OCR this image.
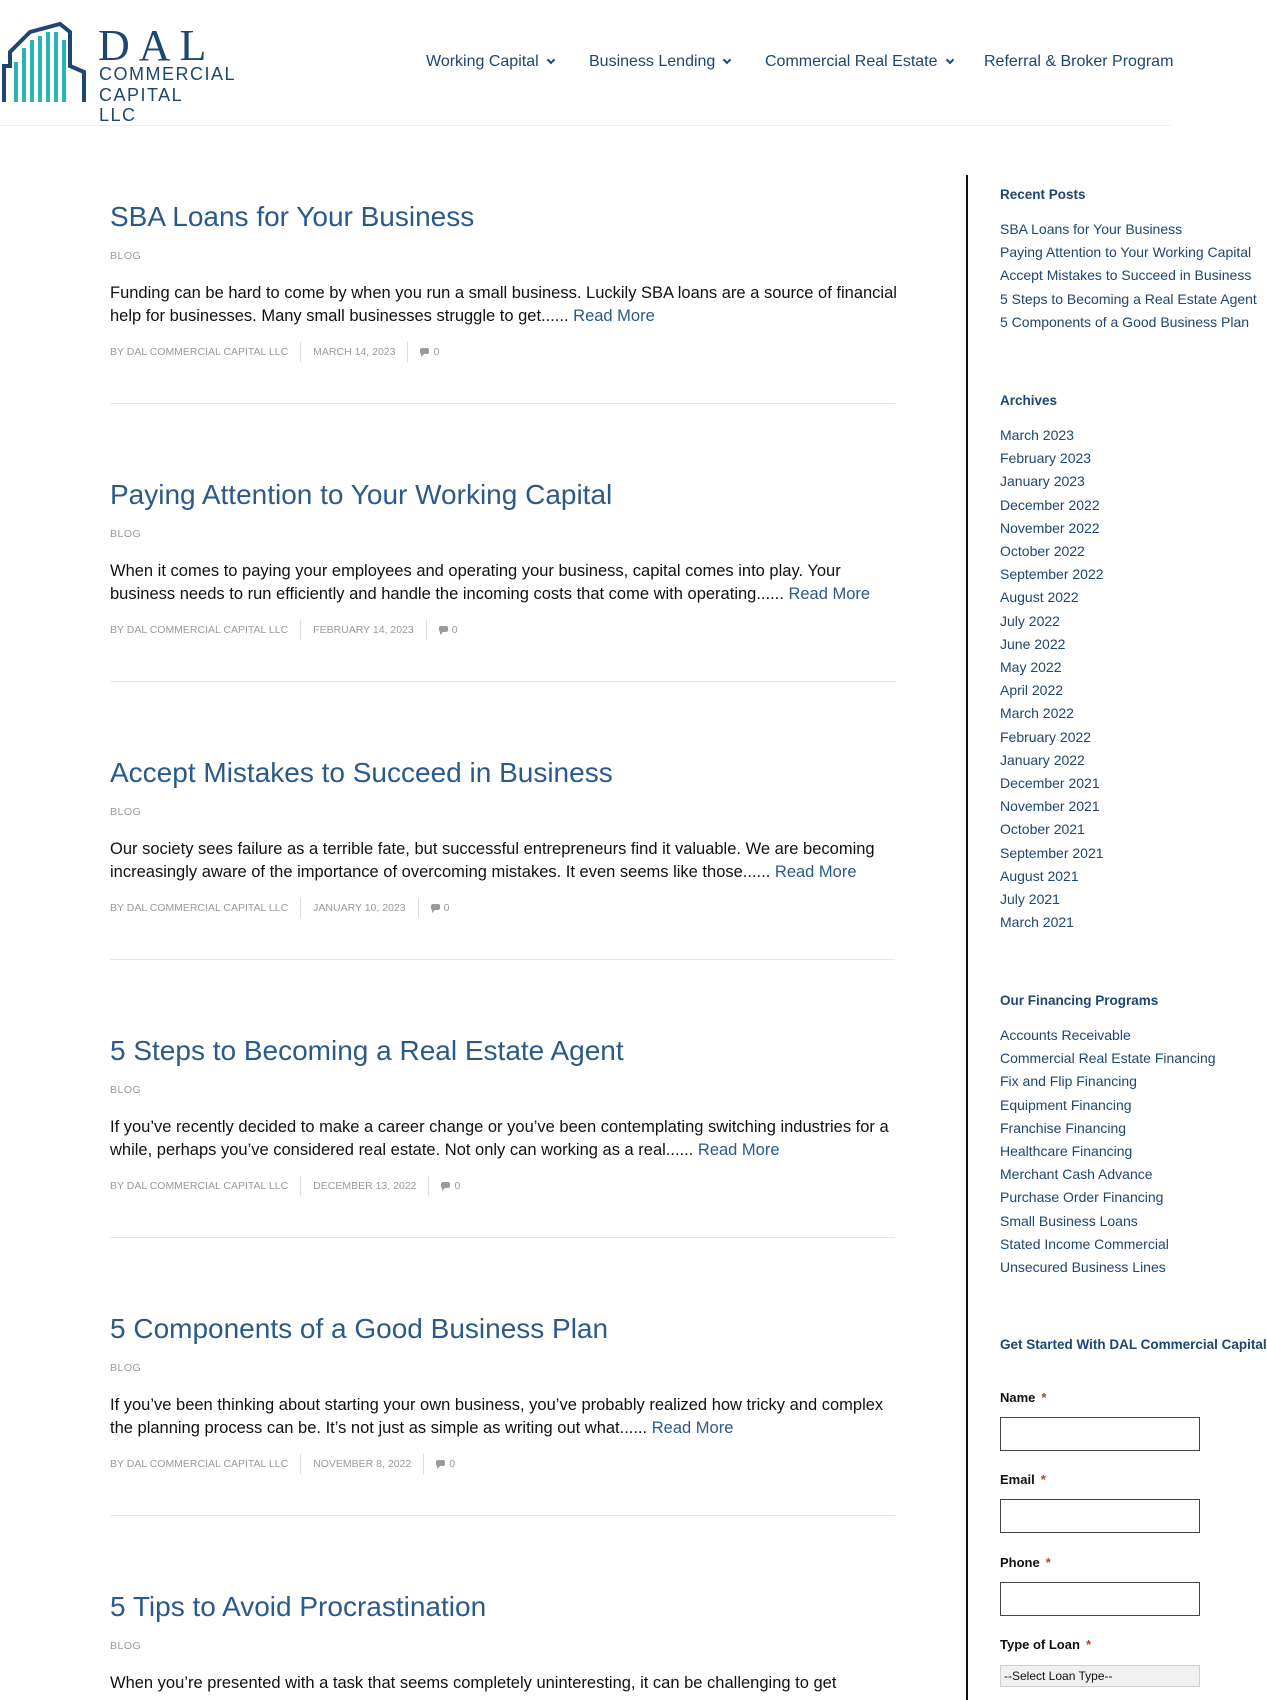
DAL
COMMERCIAL
CAPITAL LLC
Working Capital	Business Lending	Commercial Real Estate	Referral & Broker Program
SBA Loans for Your Business
BLOG
Funding can be hard to come by when you run a small business. Luckily SBA loans are a source of financial help for businesses. Many small businesses struggle to get...... Read More
BY DAL COMMERCIAL CAPITAL LLC MARCH 14, 2023	0
Paying Attention to Your Working Capital
BLOG
When it comes to paying your employees and operating your business, capital comes into play. Your business needs to run efficiently and handle the incoming costs that come with operating...... Read More
BY DAL COMMERCIAL CAPITAL LLC FEBRUARY 14, 2023	0
Accept Mistakes to Succeed in Business
BLOG
Our society sees failure as a terrible fate, but successful entrepreneurs find it valuable. We are becoming increasingly aware of the importance of overcoming mistakes. It even seems like those...... Read More
BY DAL COMMERCIAL CAPITAL LLC JANUARY 10, 2023	0
5 Steps to Becoming a Real Estate Agent
BLOG
If you’ve recently decided to make a career change or you’ve been contemplating switching industries for a while, perhaps you’ve considered real estate. Not only can working as a real...... Read More
BY DAL COMMERCIAL CAPITAL LLC DECEMBER 13, 2022	0
5 Components of a Good Business Plan
BLOG
If you’ve been thinking about starting your own business, you’ve probably realized how tricky and complex the planning process can be. It’s not just as simple as writing out what...... Read More
BY DAL COMMERCIAL CAPITAL LLC NOVEMBER 8, 2022	0
5 Tips to Avoid Procrastination
BLOG
When you’re presented with a task that seems completely uninteresting, it can be challenging to get
Recent Posts
SBA Loans for Your Business
Paying Attention to Your Working Capital
Accept Mistakes to Succeed in Business
5 Steps to Becoming a Real Estate Agent
5 Components of a Good Business Plan
Archives
March 2023
February 2023
January 2023
December 2022
November 2022
October 2022
September 2022
August 2022
July 2022
June 2022
May 2022
April 2022
March 2022
February 2022
January 2022
December 2021
November 2021
October 2021
September 2021
August 2021
July 2021
March 2021
Our Financing Programs
Accounts Receivable
Commercial Real Estate Financing
Fix and Flip Financing
Equipment Financing
Franchise Financing
Healthcare Financing
Merchant Cash Advance
Purchase Order Financing
Small Business Loans
Stated Income Commercial
Unsecured Business Lines
Get Started With DAL Commercial Capital
Name *
Email *
Phone *
Type of Loan *
--Select Loan Type--
